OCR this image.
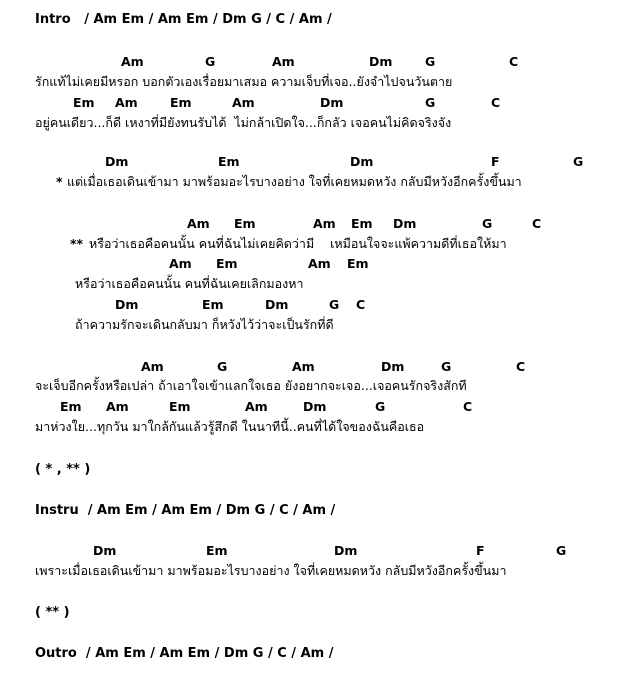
Intro   / Am Em / Am Em / Dm G / C / Am /
Am	G	Am	Dm	G	C
รักแท้ไม่เคยมีหรอก บอกตัวเองเรื่อยมาเสมอ ความเจ็บที่เจอ..ยังจำไปจนวันตาย
Em Am	Em	Am	Dm	G	C
อยู่คนเดียว...ก็ดี เหงาที่มียังทนรับได้  ไม่กล้าเปิดใจ...ก็กลัว เจอคนไม่คิดจริงจัง
Dm	Em	Dm	F	G
* แต่เมื่อเธอเดินเข้ามา มาพร้อมอะไรบางอย่าง ใจที่เคยหมดหวัง กลับมีหวังอีกครั้งขึ้นมา
Am Em	Am Em Dm	G	C
** หรือว่าเธอคือคนนั้น คนที่ฉันไม่เคยคิดว่ามี    เหมือนใจจะแพ้ความดีที่เธอให้มา
Am Em	Am Em
หรือว่าเธอคือคนนั้น คนที่ฉันเคยเลิกมองหา
Dm	Em	Dm	G C
ถ้าความรักจะเดินกลับมา ก็หวังไว้ว่าจะเป็นรักที่ดี
Am	G	Am	Dm	G	C
จะเจ็บอีกครั้งหรือเปล่า ถ้าเอาใจเข้าแลกใจเธอ ยังอยากจะเจอ...เจอคนรักจริงสักที
Em Am	Em	Am	Dm	G	C
มาห่วงใย...ทุกวัน มาใกล้กันแล้วรู้สึกดี ในนาทีนี้..คนที่ได้ใจของฉันคือเธอ
( * , ** )
Instru  / Am Em / Am Em / Dm G / C / Am /
Dm	Em	Dm	F	G
เพราะเมื่อเธอเดินเข้ามา มาพร้อมอะไรบางอย่าง ใจที่เคยหมดหวัง กลับมีหวังอีกครั้งขึ้นมา
( ** )
Outro  / Am Em / Am Em / Dm G / C / Am /
